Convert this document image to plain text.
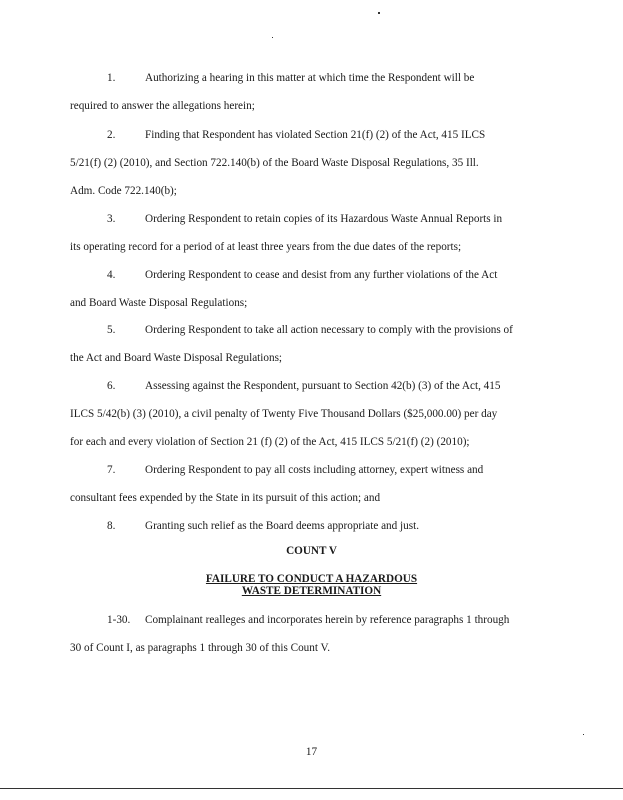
1.	Authorizing a hearing in this matter at which time the Respondent will be
required to answer the allegations herein;
2.	Finding that Respondent has violated Section 21(f) (2) of the Act, 415 ILCS
5/21(f) (2) (2010), and Section 722.140(b) of the Board Waste Disposal Regulations, 35 Ill.
Adm. Code 722.140(b);
3.	Ordering Respondent to retain copies of its Hazardous Waste Annual Reports in
its operating record for a period of at least three years from the due dates of the reports;
4.	Ordering Respondent to cease and desist from any further violations of the Act
and Board Waste Disposal Regulations;
5.	Ordering Respondent to take all action necessary to comply with the provisions of
the Act and Board Waste Disposal Regulations;
6.	Assessing against the Respondent, pursuant to Section 42(b) (3) of the Act, 415
ILCS 5/42(b) (3) (2010), a civil penalty of Twenty Five Thousand Dollars ($25,000.00) per day
for each and every violation of Section 21 (f) (2) of the Act, 415 ILCS 5/21(f) (2) (2010);
7.	Ordering Respondent to pay all costs including attorney, expert witness and
consultant fees expended by the State in its pursuit of this action; and
8.	Granting such relief as the Board deems appropriate and just.
COUNT V
FAILURE TO CONDUCT A HAZARDOUS
WASTE DETERMINATION
1-30. Complainant realleges and incorporates herein by reference paragraphs 1 through
30 of Count I, as paragraphs 1 through 30 of this Count V.
17
